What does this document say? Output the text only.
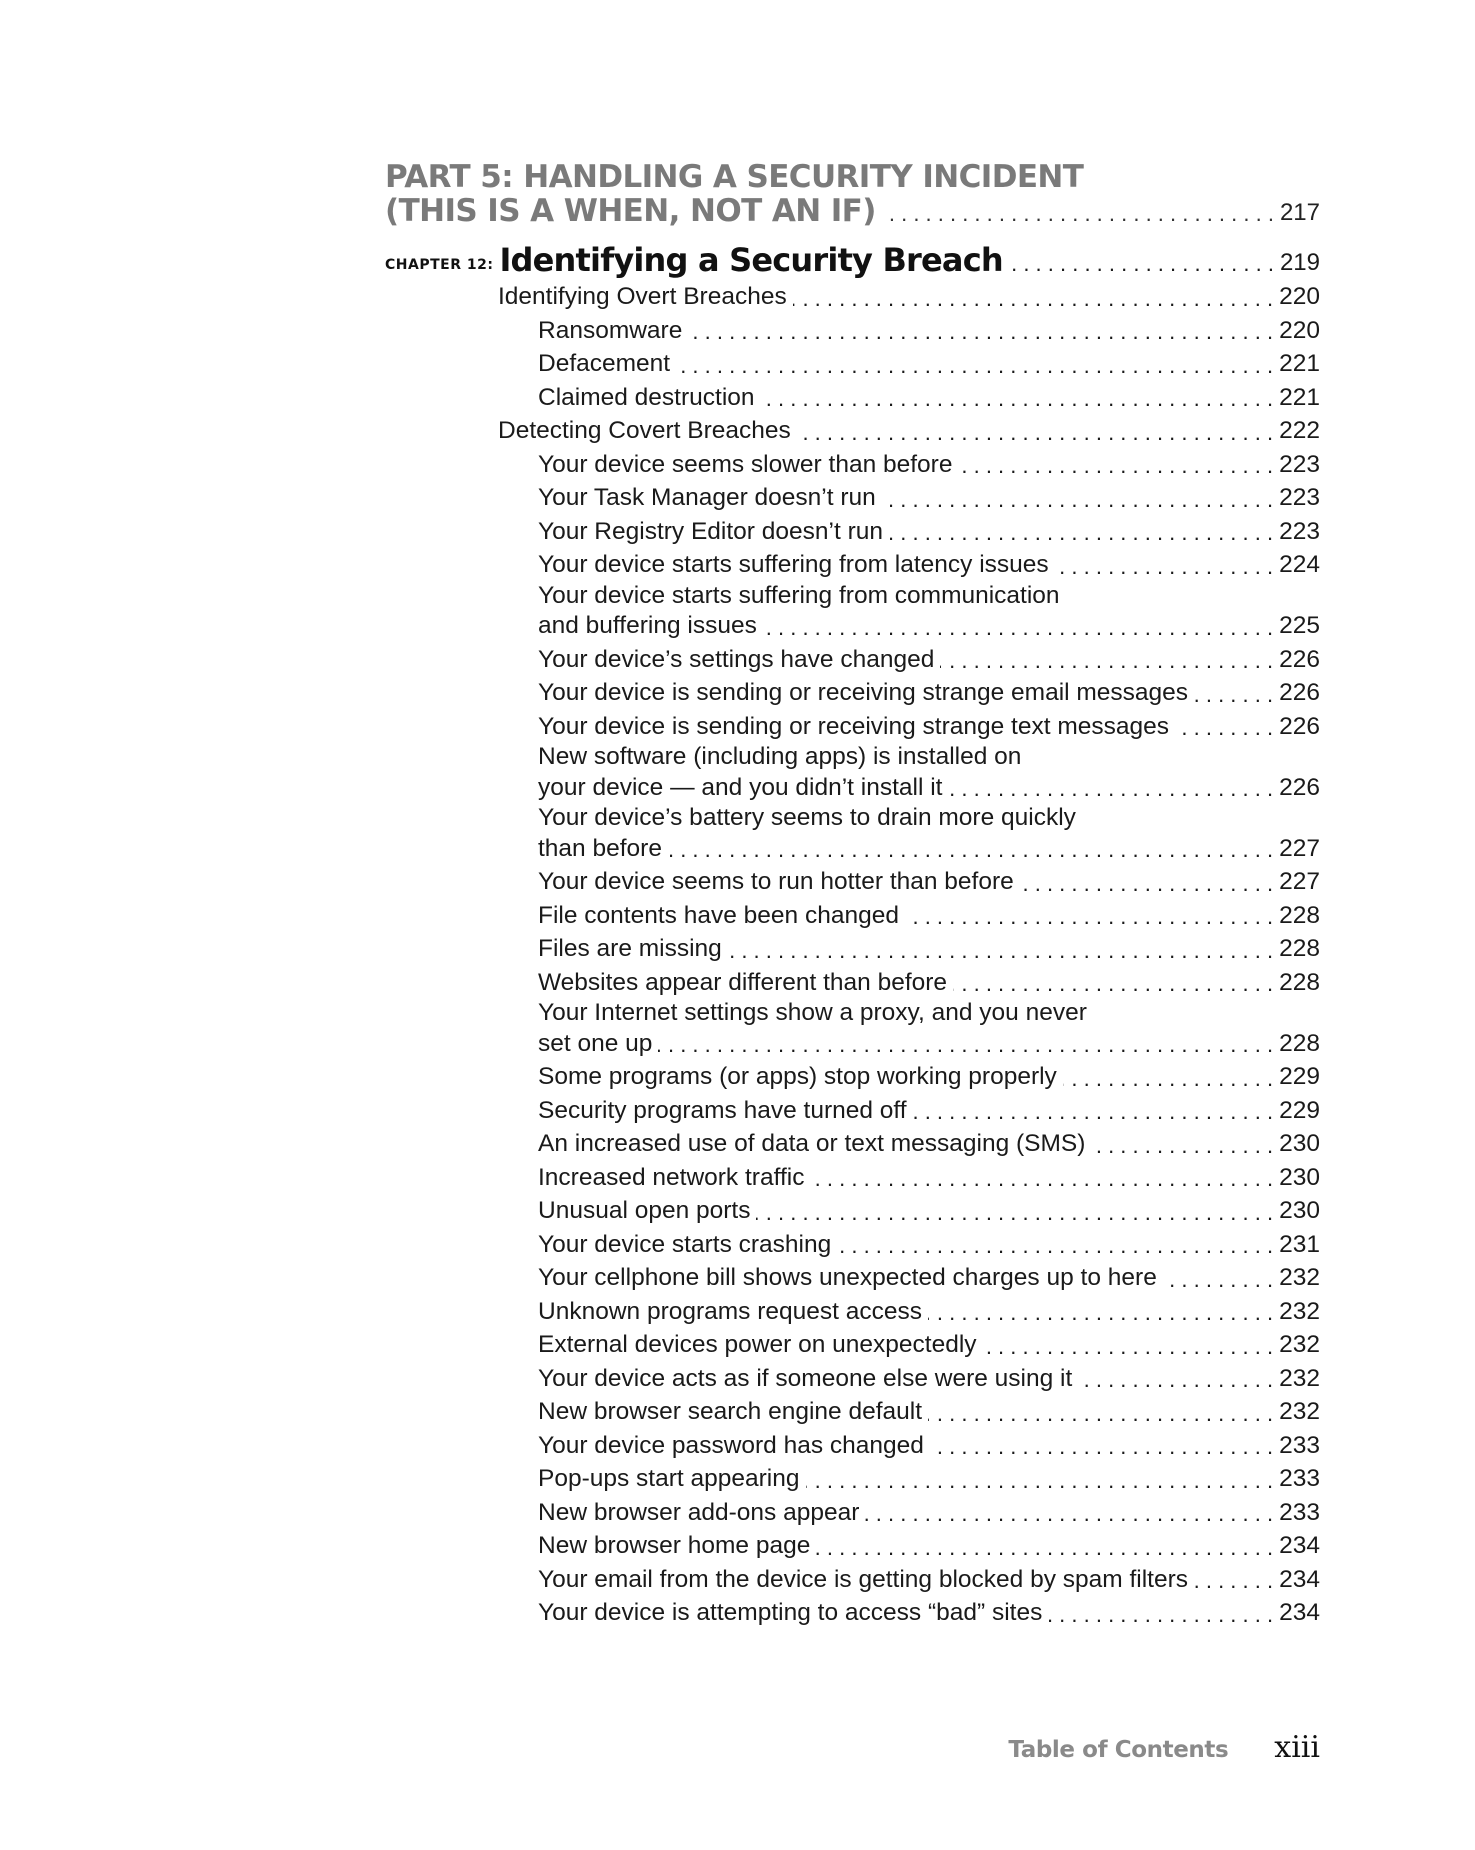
PART 5: HANDLING A SECURITY INCIDENT
(THIS IS A WHEN, NOT AN IF) . . .	217
CHAPTER 12: Identifying a Security Breach . . .	219
Identifying Overt Breaches . . .	220
Ransomware . . .	220
Defacement . . .	221
Claimed destruction . . .	221
Detecting Covert Breaches . . .	222
Your device seems slower than before . . .	223
Your Task Manager doesn’t run . . .	223
Your Registry Editor doesn’t run . . .	223
Your device starts suffering from latency issues . . .	224
Your device starts suffering from communication
and buffering issues . . .	225
Your device’s settings have changed . . .	226
Your device is sending or receiving strange email messages . . .	226
Your device is sending or receiving strange text messages . . .	226
New software (including apps) is installed on
your device — and you didn’t install it . . .	226
Your device’s battery seems to drain more quickly
than before . . .	227
Your device seems to run hotter than before . . .	227
File contents have been changed . . .	228
Files are missing . . .	228
Websites appear different than before . . .	228
Your Internet settings show a proxy, and you never
set one up . . .	228
Some programs (or apps) stop working properly . . .	229
Security programs have turned off . . .	229
An increased use of data or text messaging (SMS) . . .	230
Increased network traffic . . .	230
Unusual open ports . . .	230
Your device starts crashing . . .	231
Your cellphone bill shows unexpected charges up to here . . .	232
Unknown programs request access . . .	232
External devices power on unexpectedly . . .	232
Your device acts as if someone else were using it . . .	232
New browser search engine default . . .	232
Your device password has changed . . .	233
Pop-ups start appearing . . .	233
New browser add-ons appear . . .	233
New browser home page . . .	234
Your email from the device is getting blocked by spam filters . . .	234
Your device is attempting to access “bad” sites . . .	234
Table of Contents xiii
